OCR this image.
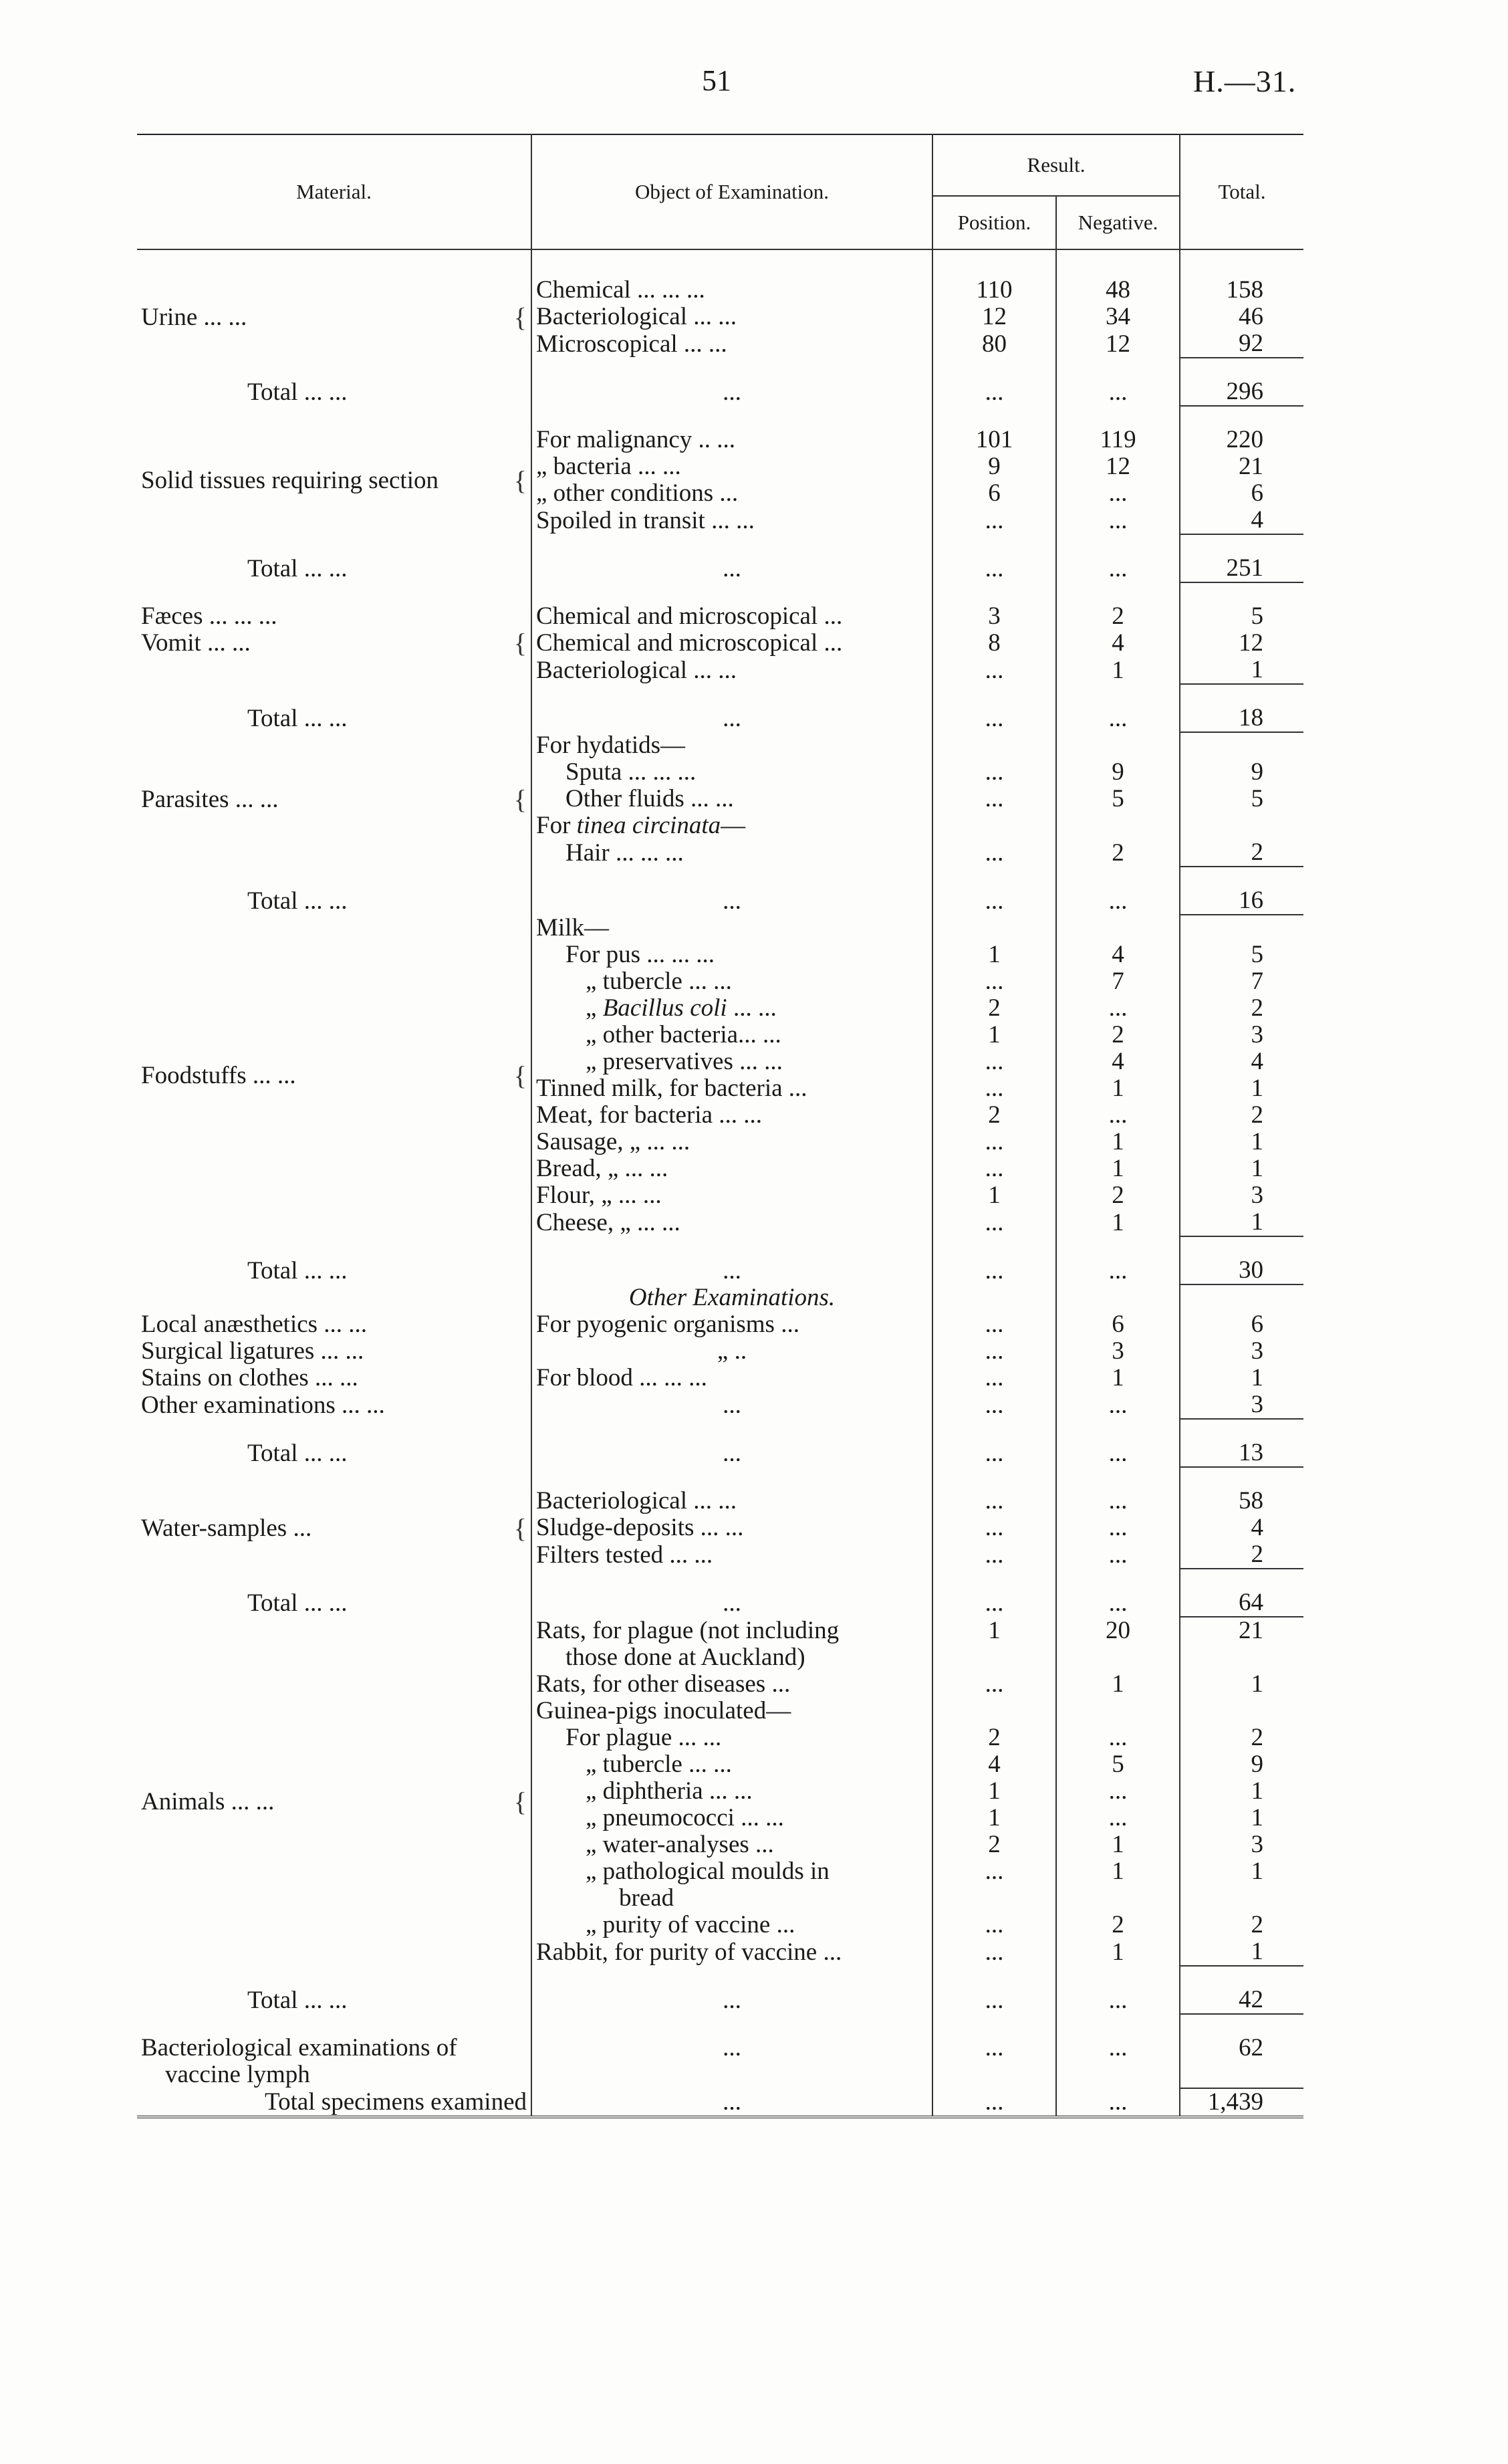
51	H.—31.
Material.	Object of Examination.	Result.		Total.
		Position.	Negative.	

Urine ... ... {	Chemical ... ... ...	110	48	158
	Bacteriological ... ...	12	34	46
	Microscopical ... ...	80	12	92

Total ... ...	...	...	...	296

Solid tissues requiring section {	For malignancy .. ...	101	119	220
	„ bacteria ... ...	9	12	21
	„ other conditions ...	6	...	6
	Spoiled in transit ... ...	...	...	4

Total ... ...	...	...	...	251

Fæces ... ... ...	Chemical and microscopical ...	3	2	5
Vomit ... ... {	Chemical and microscopical ...	8	4	12
	Bacteriological ... ...	...	1	1

Total ... ...	...	...	...	18
Parasites ... ... {	For hydatids—			
	Sputa ... ... ...	...	9	9
	Other fluids ... ...	...	5	5
	For tinea circinata—			
	Hair ... ... ...	...	2	2

Total ... ...	...	...	...	16
Foodstuffs ... ... {	Milk—			
	For pus ... ... ...	1	4	5
	„ tubercle ... ...	...	7	7
	„ Bacillus coli ... ...	2	...	2
	„ other bacteria... ...	1	2	3
	„ preservatives ... ...	...	4	4
	Tinned milk, for bacteria ...	...	1	1
	Meat, for bacteria ... ...	2	...	2
	Sausage, „ ... ...	...	1	1
	Bread, „ ... ...	...	1	1
	Flour, „ ... ...	1	2	3
	Cheese, „ ... ...	...	1	1

Total ... ...	...	...	...	30
	Other Examinations.			
Local anæsthetics ... ...	For pyogenic organisms ...	...	6	6
Surgical ligatures ... ...	„ ..	...	3	3
Stains on clothes ... ...	For blood ... ... ...	...	1	1
Other examinations ... ...	...	...	...	3

Total ... ...	...	...	...	13

Water-samples ... {	Bacteriological ... ...	...	...	58
	Sludge-deposits ... ...	...	...	4
	Filters tested ... ...	...	...	2

Total ... ...	...	...	...	64
Animals ... ... {	Rats, for plague (not including	1	20	21
	those done at Auckland)			
	Rats, for other diseases ...	...	1	1
	Guinea-pigs inoculated—			
	For plague ... ...	2	...	2
	„ tubercle ... ...	4	5	9
	„ diphtheria ... ...	1	...	1
	„ pneumococci ... ...	1	...	1
	„ water-analyses ...	2	1	3
	„ pathological moulds in	...	1	1
	bread			
	„ purity of vaccine ...	...	2	2
	Rabbit, for purity of vaccine ...	...	1	1

Total ... ...	...	...	...	42

Bacteriological examinations of	...	...	...	62
vaccine lymph				
Total specimens examined	...	...	...	1,439
